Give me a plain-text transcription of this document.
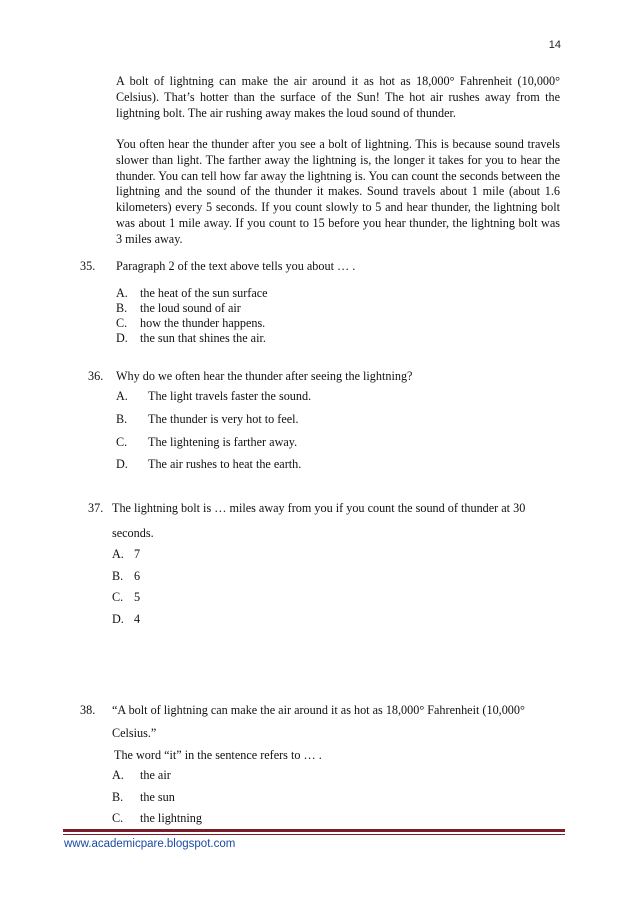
14
A bolt of lightning can make the air around it as hot as 18,000° Fahrenheit (10,000° Celsius). That’s hotter than the surface of the Sun! The hot air rushes away from the lightning bolt. The air rushing away makes the loud sound of thunder.
You often hear the thunder after you see a bolt of lightning. This is because sound travels slower than light. The farther away the lightning is, the longer it takes for you to hear the thunder. You can tell how far away the lightning is. You can count the seconds between the lightning and the sound of the thunder it makes. Sound travels about 1 mile (about 1.6 kilometers) every 5 seconds. If you count slowly to 5 and hear thunder, the lightning bolt was about 1 mile away. If you count to 15 before you hear thunder, the lightning bolt was 3 miles away.
35. Paragraph 2 of the text above tells you about … .
A. the heat of the sun surface
B. the loud sound of air
C. how the thunder happens.
D. the sun that shines the air.
36. Why do we often hear the thunder after seeing the lightning?
A. The light travels faster the sound.
B. The thunder is very hot to feel.
C. The lightening is farther away.
D. The air rushes to heat the earth.
37. The lightning bolt is … miles away from you if you count the sound of thunder at 30
seconds.
A. 7
B. 6
C. 5
D. 4
38. “A bolt of lightning can make the air around it as hot as 18,000° Fahrenheit (10,000°
Celsius.”
The word “it” in the sentence refers to … .
A. the air
B. the sun
C. the lightning
www.academicpare.blogspot.com
